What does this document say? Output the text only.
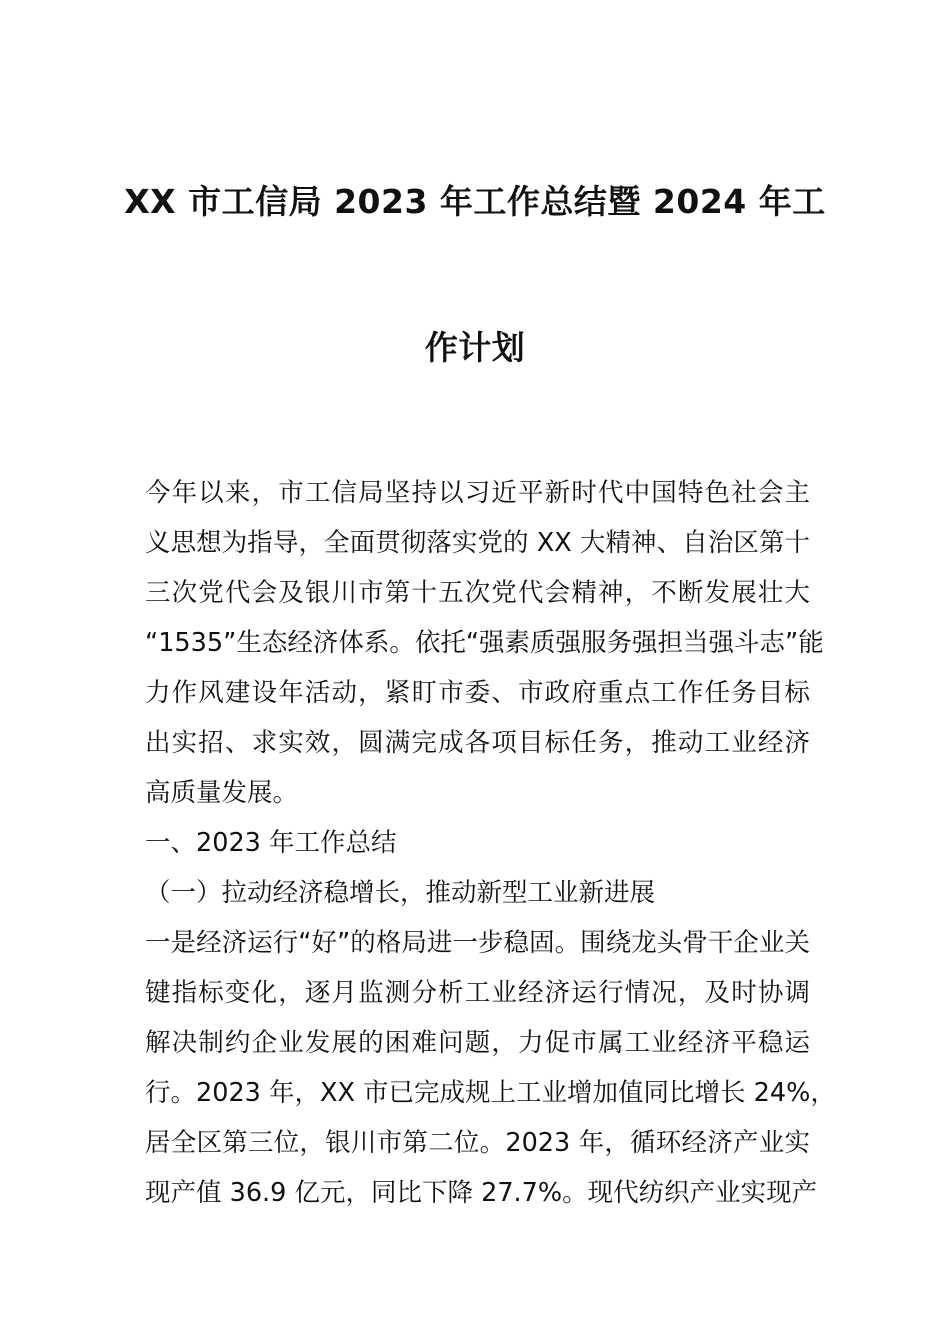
XX 市工信局 2023 年工作总结暨 2024 年工
作计划

今年以来，市工信局坚持以习近平新时代中国特色社会主

义思想为指导，全面贯彻落实党的 XX 大精神、自治区第十

三次党代会及银川市第十五次党代会精神，不断发展壮大

“1535”生态经济体系。依托“强素质强服务强担当强斗志”能

力作风建设年活动，紧盯市委、市政府重点工作任务目标

出实招、求实效，圆满完成各项目标任务，推动工业经济

高质量发展。

一、2023 年工作总结

（一）拉动经济稳增长，推动新型工业新进展

一是经济运行“好”的格局进一步稳固。围绕龙头骨干企业关

键指标变化，逐月监测分析工业经济运行情况，及时协调

解决制约企业发展的困难问题，力促市属工业经济平稳运

行。2023 年，XX 市已完成规上工业增加值同比增长 24%，

居全区第三位，银川市第二位。2023 年，循环经济产业实

现产值 36.9 亿元，同比下降 27.7%。现代纺织产业实现产
